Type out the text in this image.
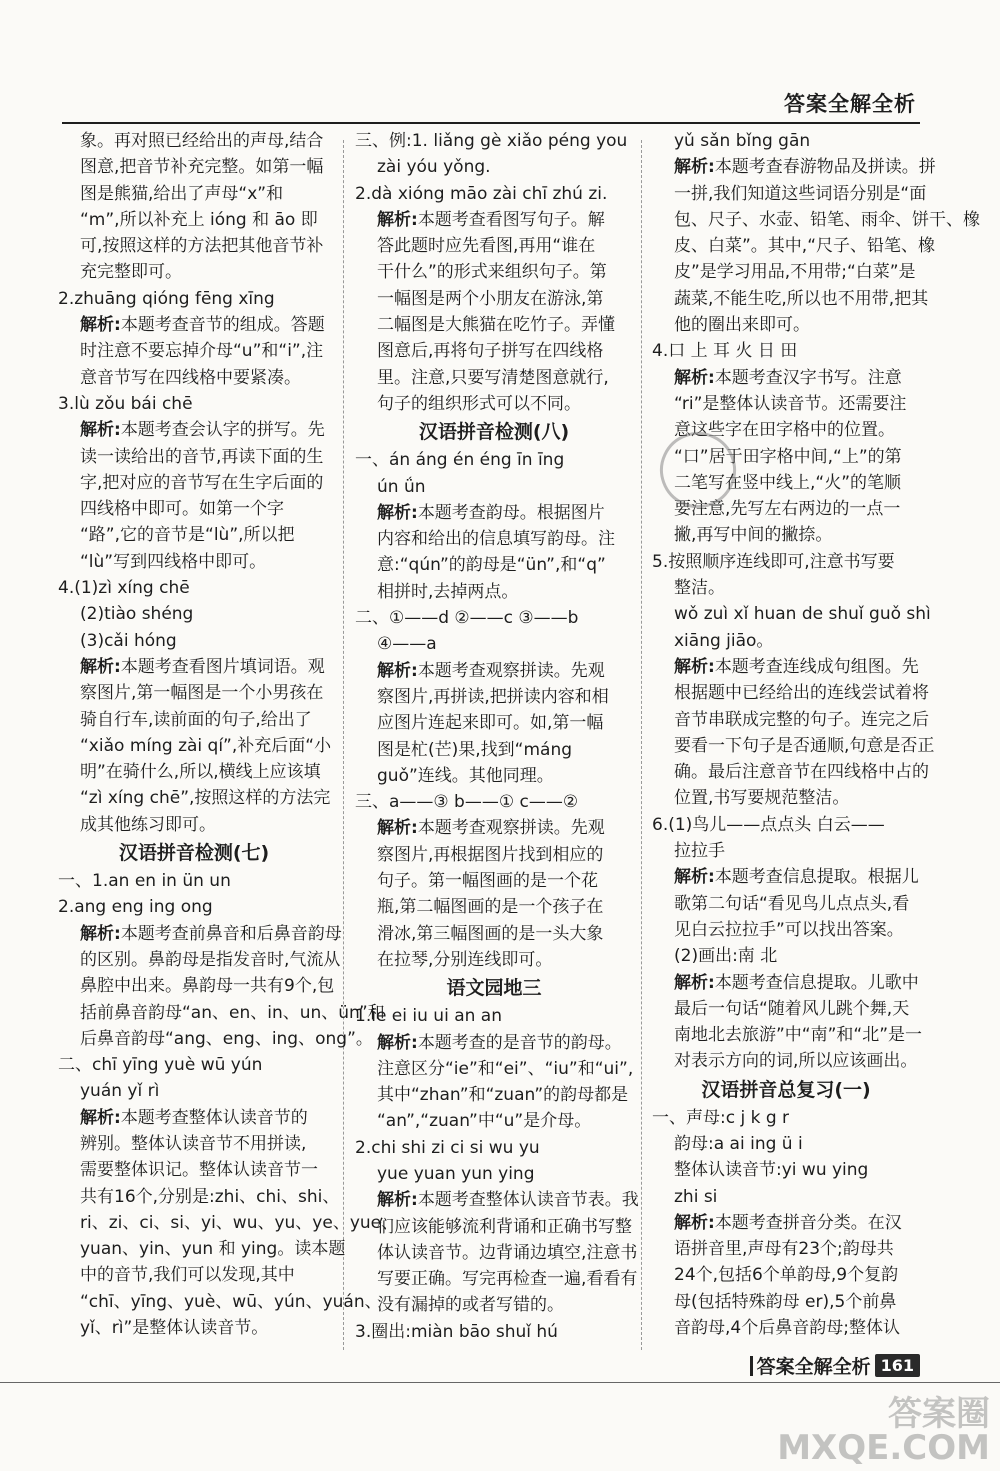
答案全解全析
象。再对照已经给出的声母,结合
图意,把音节补充完整。如第一幅
图是熊猫,给出了声母“x”和
“m”,所以补充上 ióng 和 āo 即
可,按照这样的方法把其他音节补
充完整即可。
2.zhuāng qióng fēng xīng
解析:本题考查音节的组成。答题
时注意不要忘掉介母“u”和“i”,注
意音节写在四线格中要紧凑。
3.lù zǒu bái chē
解析:本题考查会认字的拼写。先
读一读给出的音节,再读下面的生
字,把对应的音节写在生字后面的
四线格中即可。如第一个字
“路”,它的音节是“lù”,所以把
“lù”写到四线格中即可。
4.(1)zì xíng chē
(2)tiào shéng
(3)cǎi hóng
解析:本题考查看图片填词语。观
察图片,第一幅图是一个小男孩在
骑自行车,读前面的句子,给出了
“xiǎo míng zài qí”,补充后面“小
明”在骑什么,所以,横线上应该填
“zì xíng chē”,按照这样的方法完
成其他练习即可。
汉语拼音检测(七)
一、1.an en in ün un
2.ang eng ing ong
解析:本题考查前鼻音和后鼻音韵母
的区别。鼻韵母是指发音时,气流从
鼻腔中出来。鼻韵母一共有9个,包
括前鼻音韵母“an、en、in、un、ün”和
后鼻音韵母“ang、eng、ing、ong”。
二、chī yīng yuè wū yún
yuán yǐ rì
解析:本题考查整体认读音节的
辨别。整体认读音节不用拼读,
需要整体识记。整体认读音节一
共有16个,分别是:zhi、chi、shi、
ri、zi、ci、si、yi、wu、yu、ye、yue、
yuan、yin、yun 和 ying。读本题
中的音节,我们可以发现,其中
“chī、yīng、yuè、wū、yún、yuán、
yǐ、rì”是整体认读音节。
三、例:1. liǎng gè xiǎo péng you
zài yóu yǒng.
2.dà xióng māo zài chī zhú zi.
解析:本题考查看图写句子。解
答此题时应先看图,再用“谁在
干什么”的形式来组织句子。第
一幅图是两个小朋友在游泳,第
二幅图是大熊猫在吃竹子。弄懂
图意后,再将句子拼写在四线格
里。注意,只要写清楚图意就行,
句子的组织形式可以不同。
汉语拼音检测(八)
一、án áng én éng īn īng
ún ǘn
解析:本题考查韵母。根据图片
内容和给出的信息填写韵母。注
意:“qún”的韵母是“ün”,和“q”
相拼时,去掉两点。
二、①——d ②——c ③——b
④——a
解析:本题考查观察拼读。先观
察图片,再拼读,把拼读内容和相
应图片连起来即可。如,第一幅
图是杧(芒)果,找到“máng
guǒ”连线。其他同理。
三、a——③ b——① c——②
解析:本题考查观察拼读。先观
察图片,再根据图片找到相应的
句子。第一幅图画的是一个花
瓶,第二幅图画的是一个孩子在
滑冰,第三幅图画的是一头大象
在拉琴,分别连线即可。
语文园地三
1.ie ei iu ui an an
解析:本题考查的是音节的韵母。
注意区分“ie”和“ei”、“iu”和“ui”,
其中“zhan”和“zuan”的韵母都是
“an”,“zuan”中“u”是介母。
2.chi shi zi ci si wu yu
yue yuan yun ying
解析:本题考查整体认读音节表。我
们应该能够流利背诵和正确书写整
体认读音节。边背诵边填空,注意书
写要正确。写完再检查一遍,看看有
没有漏掉的或者写错的。
3.圈出:miàn bāo shuǐ hú
yǔ sǎn bǐng gān
解析:本题考查春游物品及拼读。拼
一拼,我们知道这些词语分别是“面
包、尺子、水壶、铅笔、雨伞、饼干、橡
皮、白菜”。其中,“尺子、铅笔、橡
皮”是学习用品,不用带;“白菜”是
蔬菜,不能生吃,所以也不用带,把其
他的圈出来即可。
4.口 上 耳 火 日 田
解析:本题考查汉字书写。注意
“ri”是整体认读音节。还需要注
意这些字在田字格中的位置。
“口”居于田字格中间,“上”的第
二笔写在竖中线上,“火”的笔顺
要注意,先写左右两边的一点一
撇,再写中间的撇捺。
5.按照顺序连线即可,注意书写要
整洁。
wǒ zuì xǐ huan de shuǐ guǒ shì
xiāng jiāo。
解析:本题考查连线成句组图。先
根据题中已经给出的连线尝试着将
音节串联成完整的句子。连完之后
要看一下句子是否通顺,句意是否正
确。最后注意音节在四线格中占的
位置,书写要规范整洁。
6.(1)鸟儿——点点头 白云——
拉拉手
解析:本题考查信息提取。根据儿
歌第二句话“看见鸟儿点点头,看
见白云拉拉手”可以找出答案。
(2)画出:南 北
解析:本题考查信息提取。儿歌中
最后一句话“随着风儿跳个舞,天
南地北去旅游”中“南”和“北”是一
对表示方向的词,所以应该画出。
汉语拼音总复习(一)
一、声母:c j k g r
韵母:a ai ing ü i
整体认读音节:yi wu ying
zhi si
解析:本题考查拼音分类。在汉
语拼音里,声母有23个;韵母共
24个,包括6个单韵母,9个复韵
母(包括特殊韵母 er),5个前鼻
音韵母,4个后鼻音韵母;整体认
答案全解全析 161
答案圈
MXQE.COM
